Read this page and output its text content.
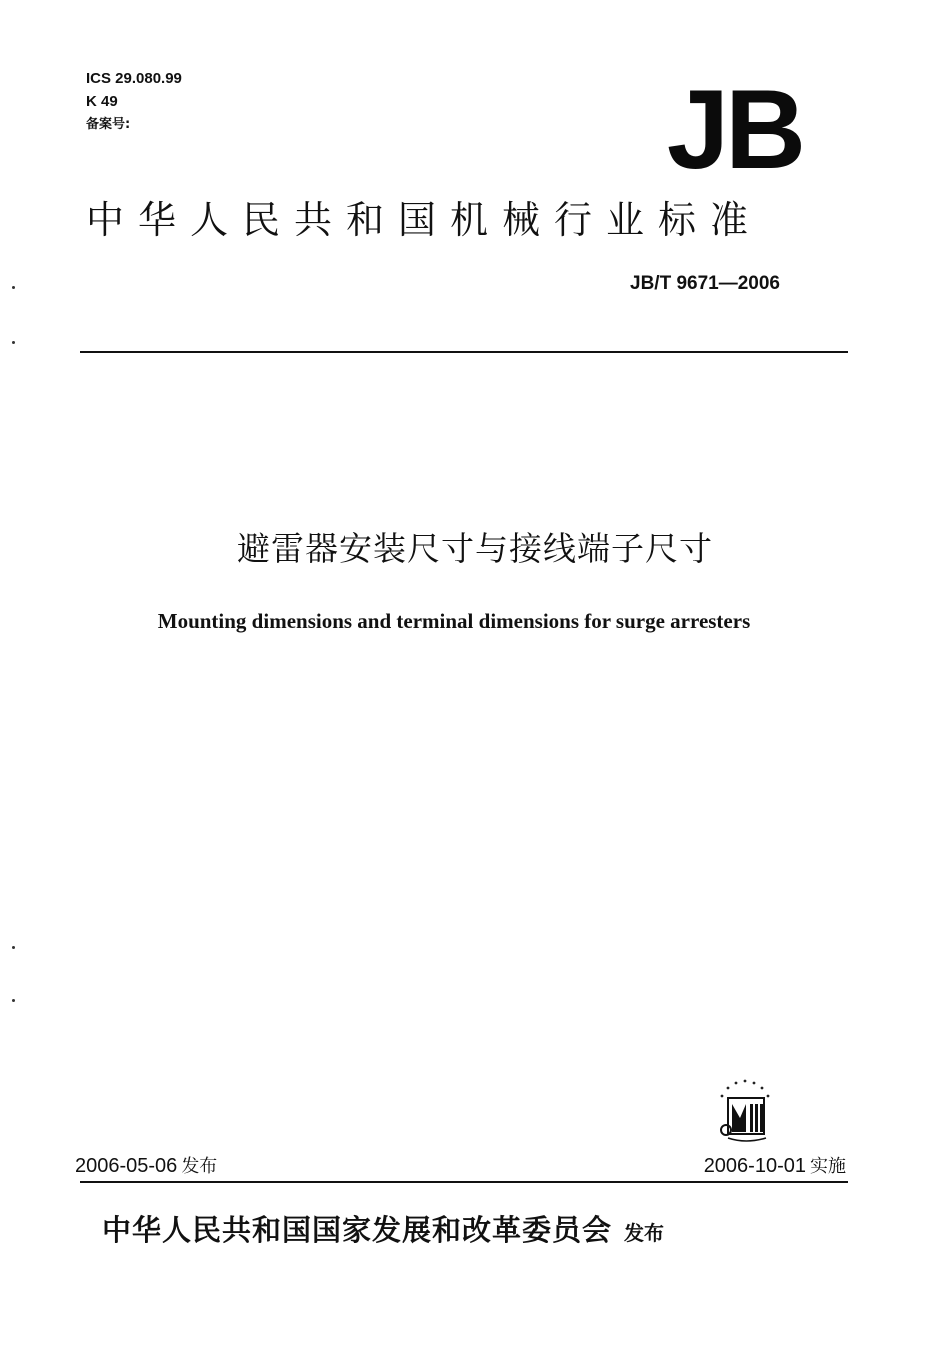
ICS 29.080.99
K 49
备案号:	JB
中华人民共和国机械行业标准
JB/T 9671—2006
避雷器安装尺寸与接线端子尺寸
Mounting dimensions and terminal dimensions for surge arresters
2006-05-06 发布	2006-10-01 实施
中华人民共和国国家发展和改革委员会 发布
